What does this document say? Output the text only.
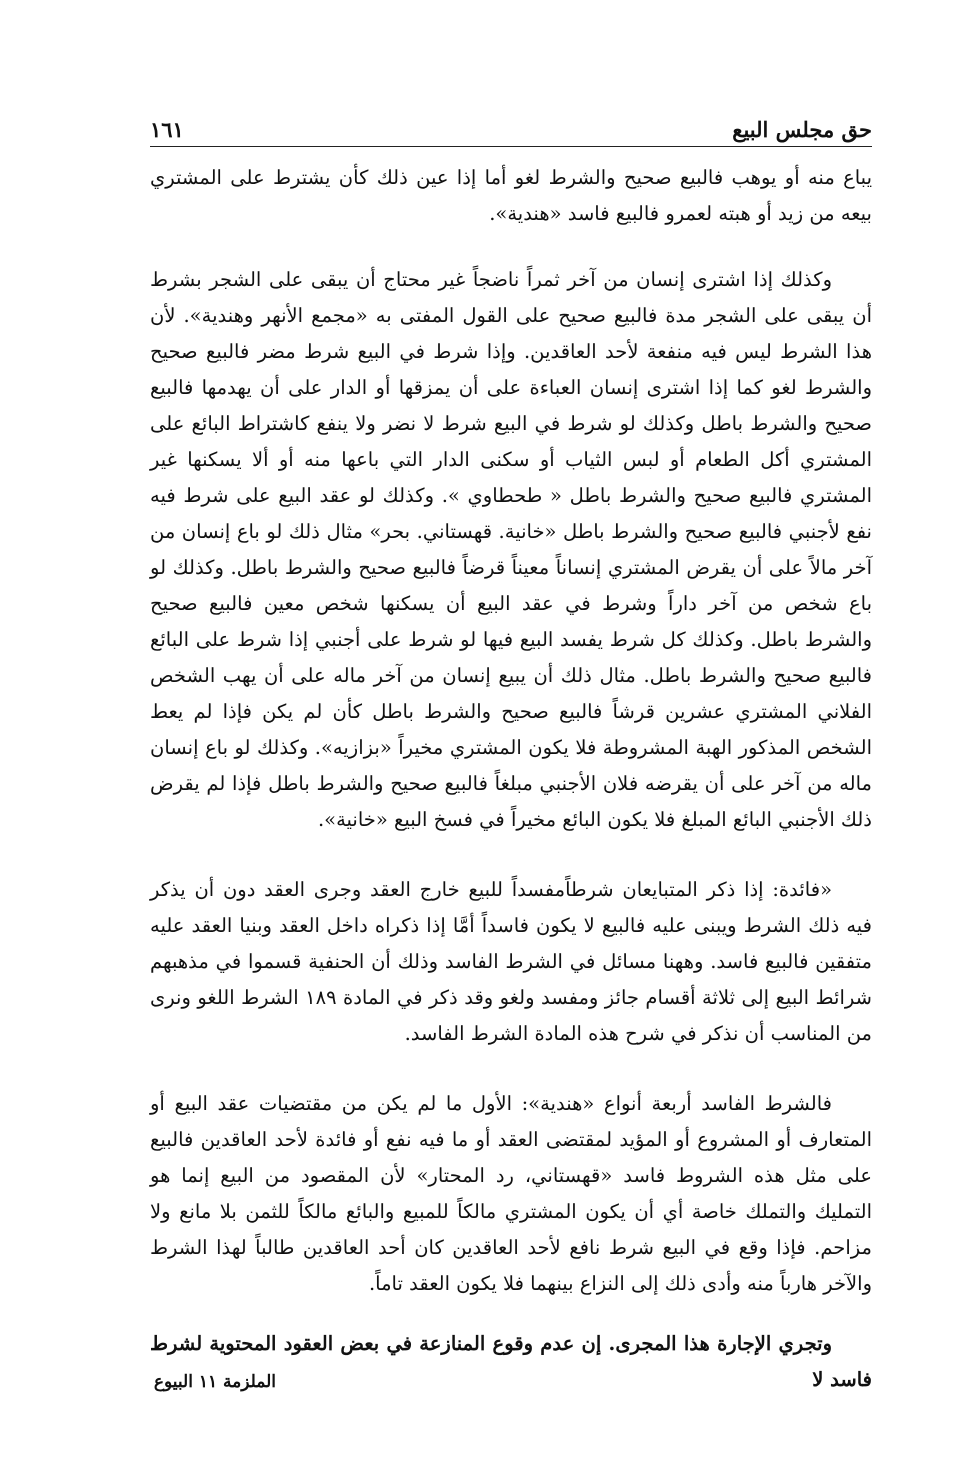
١٦١	حق مجلس البيع

يباع منه أو يوهب فالبيع صحيح والشرط لغو أما إذا عين ذلك كأن يشترط على المشتري بيعه من زيد أو هبته لعمرو فالبيع فاسد «هندية».

وكذلك إذا اشترى إنسان من آخر ثمراً ناضجاً غير محتاج أن يبقى على الشجر بشرط أن يبقى على الشجر مدة فالبيع صحيح على القول المفتى به «مجمع الأنهر وهندية». لأن هذا الشرط ليس فيه منفعة لأحد العاقدين. وإذا شرط في البيع شرط مضر فالبيع صحيح والشرط لغو كما إذا اشترى إنسان العباءة على أن يمزقها أو الدار على أن يهدمها فالبيع صحيح والشرط باطل وكذلك لو شرط في البيع شرط لا نضر ولا ينفع كاشتراط البائع على المشتري أكل الطعام أو لبس الثياب أو سكنى الدار التي باعها منه أو ألا يسكنها غير المشتري فالبيع صحيح والشرط باطل « طحطاوي ». وكذلك لو عقد البيع على شرط فيه نفع لأجنبي فالبيع صحيح والشرط باطل «خانية. قهستاني. بحر» مثال ذلك لو باع إنسان من آخر مالاً على أن يقرض المشتري إنساناً معيناً قرضاً فالبيع صحيح والشرط باطل. وكذلك لو باع شخص من آخر داراً وشرط في عقد البيع أن يسكنها شخص معين فالبيع صحيح والشرط باطل. وكذلك كل شرط يفسد البيع فيها لو شرط على أجنبي إذا شرط على البائع فالبيع صحيح والشرط باطل. مثال ذلك أن يبيع إنسان من آخر ماله على أن يهب الشخص الفلاني المشتري عشرين قرشاً فالبيع صحيح والشرط باطل كأن لم يكن فإذا لم يعط الشخص المذكور الهبة المشروطة فلا يكون المشتري مخيراً «بزازيه». وكذلك لو باع إنسان ماله من آخر على أن يقرضه فلان الأجنبي مبلغاً فالبيع صحيح والشرط باطل فإذا لم يقرض ذلك الأجنبي البائع المبلغ فلا يكون البائع مخيراً في فسخ البيع «خانية».

«فائدة: إذا ذكر المتبايعان شرطاًمفسداً للبيع خارج العقد وجرى العقد دون أن يذكر فيه ذلك الشرط ويبنى عليه فالبيع لا يكون فاسداً أمَّا إذا ذكراه داخل العقد وبنيا العقد عليه متفقين فالبيع فاسد. وههنا مسائل في الشرط الفاسد وذلك أن الحنفية قسموا في مذهبهم شرائط البيع إلى ثلاثة أقسام جائز ومفسد ولغو وقد ذكر في المادة ١٨٩ الشرط اللغو ونرى من المناسب أن نذكر في شرح هذه المادة الشرط الفاسد.

فالشرط الفاسد أربعة أنواع «هندية»: الأول ما لم يكن من مقتضيات عقد البيع أو المتعارف أو المشروع أو المؤيد لمقتضى العقد أو ما فيه نفع أو فائدة لأحد العاقدين فالبيع على مثل هذه الشروط فاسد «قهستاني، رد المحتار» لأن المقصود من البيع إنما هو التمليك والتملك خاصة أي أن يكون المشتري مالكاً للمبيع والبائع مالكاً للثمن بلا مانع ولا مزاحم. فإذا وقع في البيع شرط نافع لأحد العاقدين كان أحد العاقدين طالباً لهذا الشرط والآخر هارباً منه وأدى ذلك إلى النزاع بينهما فلا يكون العقد تاماً.

وتجري الإجارة هذا المجرى. إن عدم وقوع المنازعة في بعض العقود المحتوية لشرط فاسد لا

الملزمة ١١ البيوع
